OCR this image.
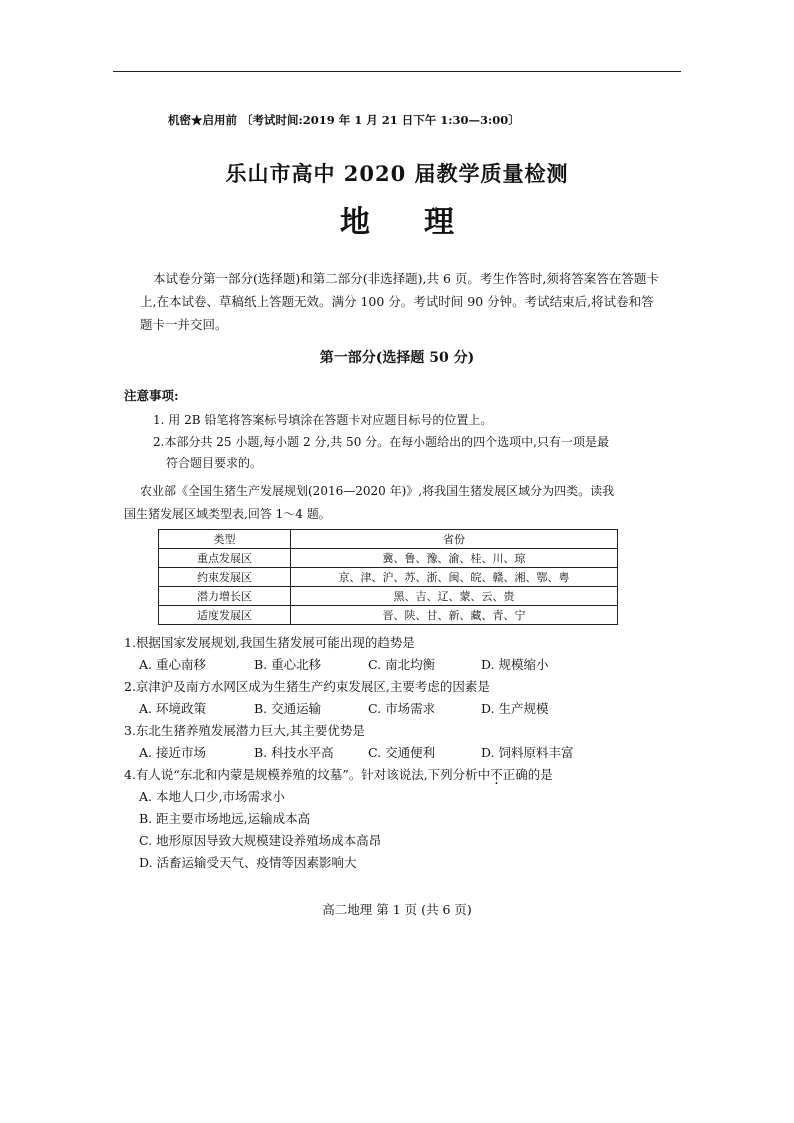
机密★启用前 〔考试时间:2019 年 1 月 21 日下午 1:30—3:00〕
乐山市高中 2020 届教学质量检测
地理
本试卷分第一部分(选择题)和第二部分(非选择题),共 6 页。考生作答时,须将答案答在答题卡上,在本试卷、草稿纸上答题无效。满分 100 分。考试时间 90 分钟。考试结束后,将试卷和答题卡一并交回。
第一部分(选择题 50 分)
注意事项:
1. 用 2B 铅笔将答案标号填涂在答题卡对应题目标号的位置上。
2.本部分共 25 小题,每小题 2 分,共 50 分。在每小题给出的四个选项中,只有一项是最
符合题目要求的。
农业部《全国生猪生产发展规划(2016—2020 年)》,将我国生猪发展区域分为四类。读我
国生猪发展区域类型表,回答 1～4 题。
类型	省份
重点发展区	冀、鲁、豫、渝、桂、川、琼
约束发展区	京、津、沪、苏、浙、闽、皖、赣、湘、鄂、粤
潜力增长区	黑、吉、辽、蒙、云、贵
适度发展区	晋、陕、甘、新、藏、青、宁
1.根据国家发展规划,我国生猪发展可能出现的趋势是
A. 重心南移	B. 重心北移	C. 南北均衡	D. 规模缩小
2.京津沪及南方水网区成为生猪生产约束发展区,主要考虑的因素是
A. 环境政策	B. 交通运输	C. 市场需求	D. 生产规模
3.东北生猪养殖发展潜力巨大,其主要优势是
A. 接近市场	B. 科技水平高	C. 交通便利	D. 饲料原料丰富
4.有人说“东北和内蒙是规模养殖的坟墓”。针对该说法,下列分析中不正确的是
A. 本地人口少,市场需求小
B. 距主要市场地远,运输成本高
C. 地形原因导致大规模建设养殖场成本高昂
D. 活畜运输受天气、疫情等因素影响大
高二地理 第 1 页 (共 6 页)
